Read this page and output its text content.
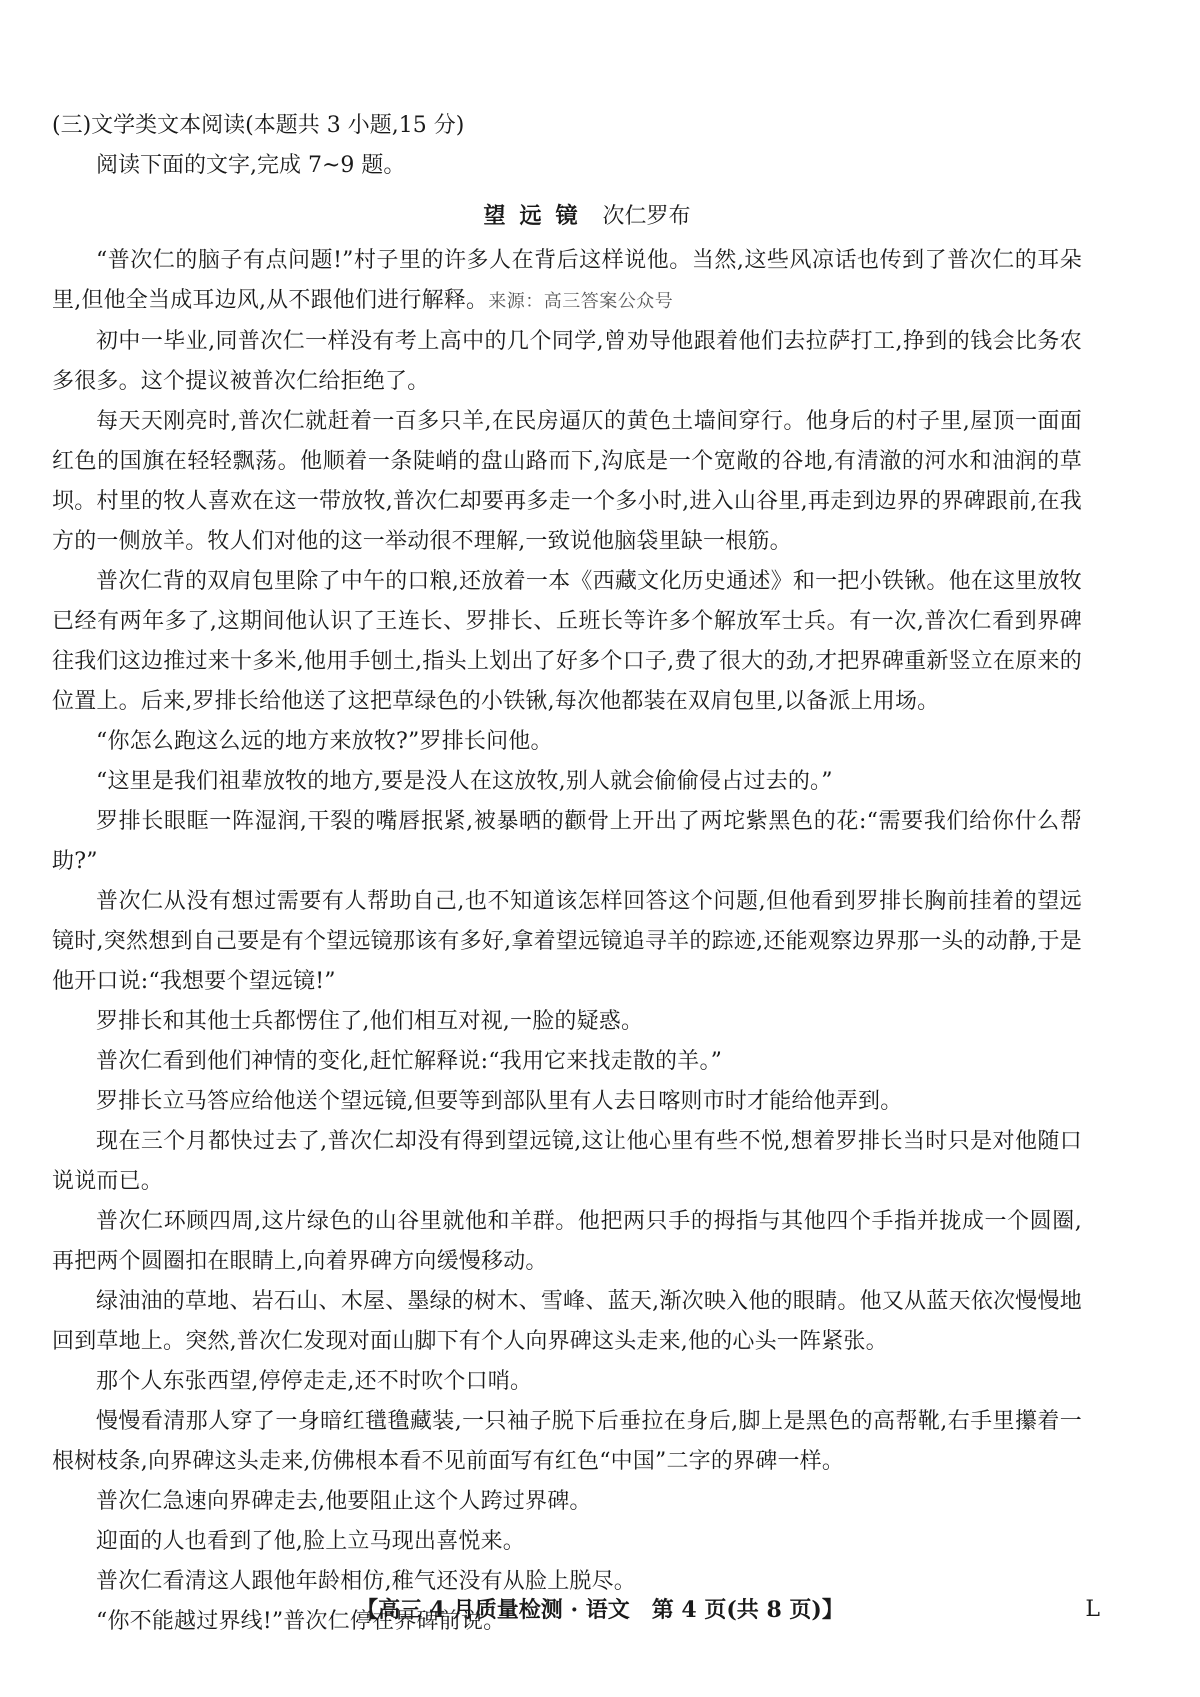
(三)文学类文本阅读(本题共 3 小题,15 分)

阅读下面的文字,完成 7~9 题。

望远镜 次仁罗布

“普次仁的脑子有点问题!”村子里的许多人在背后这样说他。当然,这些风凉话也传到了普次仁的耳朵里,但他全当成耳边风,从不跟他们进行解释。来源：高三答案公众号

初中一毕业,同普次仁一样没有考上高中的几个同学,曾劝导他跟着他们去拉萨打工,挣到的钱会比务农多很多。这个提议被普次仁给拒绝了。

每天天刚亮时,普次仁就赶着一百多只羊,在民房逼仄的黄色土墙间穿行。他身后的村子里,屋顶一面面红色的国旗在轻轻飘荡。他顺着一条陡峭的盘山路而下,沟底是一个宽敞的谷地,有清澈的河水和油润的草坝。村里的牧人喜欢在这一带放牧,普次仁却要再多走一个多小时,进入山谷里,再走到边界的界碑跟前,在我方的一侧放羊。牧人们对他的这一举动很不理解,一致说他脑袋里缺一根筋。

普次仁背的双肩包里除了中午的口粮,还放着一本《西藏文化历史通述》和一把小铁锹。他在这里放牧已经有两年多了,这期间他认识了王连长、罗排长、丘班长等许多个解放军士兵。有一次,普次仁看到界碑往我们这边推过来十多米,他用手刨土,指头上划出了好多个口子,费了很大的劲,才把界碑重新竖立在原来的位置上。后来,罗排长给他送了这把草绿色的小铁锹,每次他都装在双肩包里,以备派上用场。

“你怎么跑这么远的地方来放牧?”罗排长问他。

“这里是我们祖辈放牧的地方,要是没人在这放牧,别人就会偷偷侵占过去的。”

罗排长眼眶一阵湿润,干裂的嘴唇抿紧,被暴晒的颧骨上开出了两坨紫黑色的花:“需要我们给你什么帮助?”

普次仁从没有想过需要有人帮助自己,也不知道该怎样回答这个问题,但他看到罗排长胸前挂着的望远镜时,突然想到自己要是有个望远镜那该有多好,拿着望远镜追寻羊的踪迹,还能观察边界那一头的动静,于是他开口说:“我想要个望远镜!”

罗排长和其他士兵都愣住了,他们相互对视,一脸的疑惑。

普次仁看到他们神情的变化,赶忙解释说:“我用它来找走散的羊。”

罗排长立马答应给他送个望远镜,但要等到部队里有人去日喀则市时才能给他弄到。

现在三个月都快过去了,普次仁却没有得到望远镜,这让他心里有些不悦,想着罗排长当时只是对他随口说说而已。

普次仁环顾四周,这片绿色的山谷里就他和羊群。他把两只手的拇指与其他四个手指并拢成一个圆圈,再把两个圆圈扣在眼睛上,向着界碑方向缓慢移动。

绿油油的草地、岩石山、木屋、墨绿的树木、雪峰、蓝天,渐次映入他的眼睛。他又从蓝天依次慢慢地回到草地上。突然,普次仁发现对面山脚下有个人向界碑这头走来,他的心头一阵紧张。

那个人东张西望,停停走走,还不时吹个口哨。

慢慢看清那人穿了一身暗红氆氇藏装,一只袖子脱下后垂拉在身后,脚上是黑色的高帮靴,右手里攥着一根树枝条,向界碑这头走来,仿佛根本看不见前面写有红色“中国”二字的界碑一样。

普次仁急速向界碑走去,他要阻止这个人跨过界碑。

迎面的人也看到了他,脸上立马现出喜悦来。

普次仁看清这人跟他年龄相仿,稚气还没有从脸上脱尽。

“你不能越过界线!”普次仁停在界碑前说。

【高三 4 月质量检测 · 语文　第 4 页(共 8 页)】	L
